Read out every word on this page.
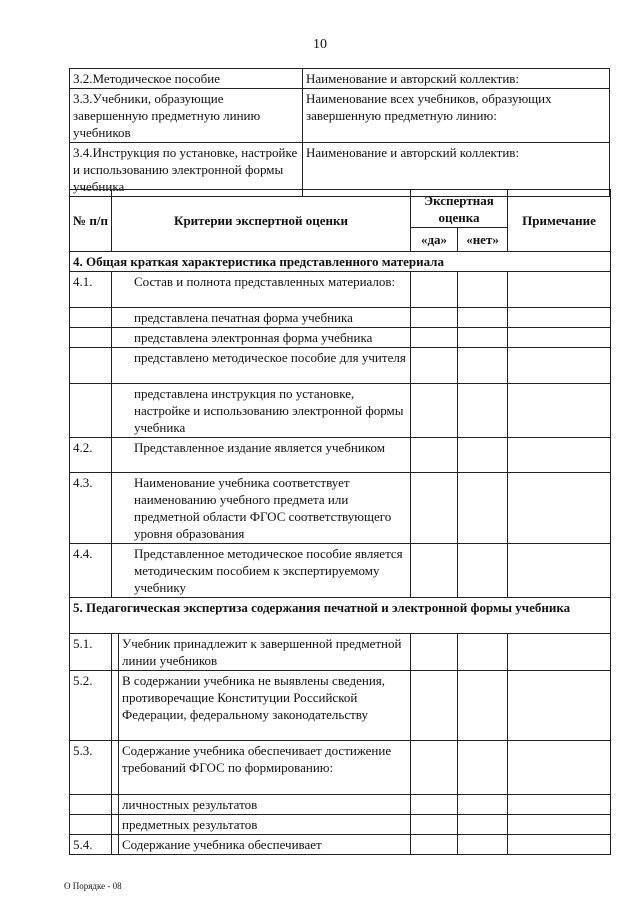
10
3.2.Методическое пособие	Наименование и авторский коллектив:
3.3.Учебники, образующие завершенную предметную линию учебников	Наименование всех учебников, образующих завершенную предметную линию:
3.4.Инструкция по установке, настройке и использованию электронной формы учебника	Наименование и авторский коллектив:
№ п/п	Критерии экспертной оценки		Экспертная оценка		Примечание
			«да»	«нет»	
4. Общая краткая характеристика представленного материала					
4.1.	Состав и полнота представленных материалов:				
	представлена печатная форма учебника				
	представлена электронная форма учебника				
	представлено методическое пособие для учителя				
	представлена инструкция по установке, настройке и использованию электронной формы учебника				
4.2.	Представленное издание является учебником				
4.3.	Наименование учебника соответствует наименованию учебного предмета или предметной области ФГОС соответствующего уровня образования				
4.4.	Представленное методическое пособие является методическим пособием к экспертируемому учебнику				
5. Педагогическая экспертиза содержания печатной и электронной формы учебника					
5.1.		Учебник принадлежит к завершенной предметной линии учебников			
5.2.		В содержании учебника не выявлены сведения, противоречащие Конституции Российской Федерации, федеральному законодательству			
5.3.		Содержание учебника обеспечивает достижение требований ФГОС по формированию:			
		личностных результатов			
		предметных результатов			
5.4.		Содержание учебника обеспечивает			
О Порядке - 08
